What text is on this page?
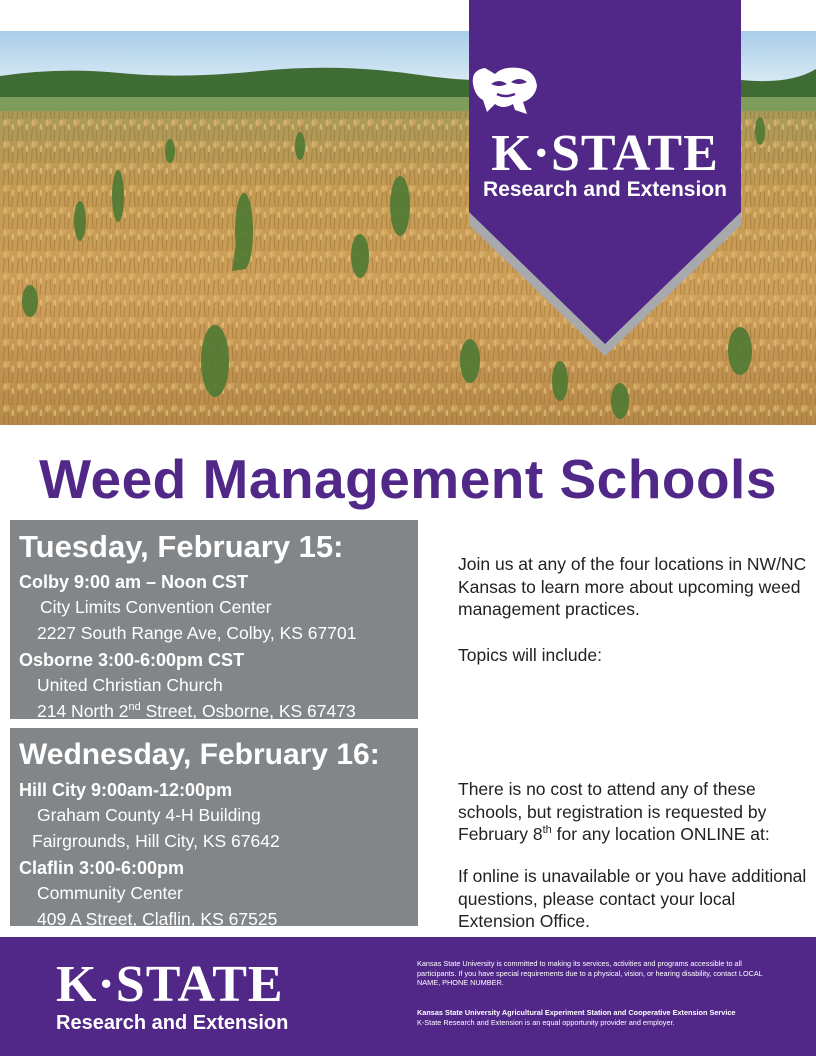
K·STATE
Research and Extension
Weed Management Schools
Tuesday, February 15:
Colby 9:00 am – Noon CST
City Limits Convention Center
2227 South Range Ave, Colby, KS 67701
Osborne 3:00-6:00pm CST
United Christian Church
214 North 2nd Street, Osborne, KS 67473
Wednesday, February 16:
Hill City 9:00am-12:00pm
Graham County 4-H Building
Fairgrounds, Hill City, KS 67642
Claflin 3:00-6:00pm
Community Center
409 A Street, Claflin, KS 67525
Join us at any of the four locations in NW/NC Kansas to learn more about upcoming weed management practices.
Topics will include:
There is no cost to attend any of these schools, but registration is requested by February 8th for any location ONLINE at:
If online is unavailable or you have additional questions, please contact your local Extension Office.
K·STATE
Research and Extension
Kansas State University is committed to making its services, activities and programs accessible to all participants. If you have special requirements due to a physical, vision, or hearing disability, contact LOCAL NAME, PHONE NUMBER.
Kansas State University Agricultural Experiment Station and Cooperative Extension Service
K-State Research and Extension is an equal opportunity provider and employer.
